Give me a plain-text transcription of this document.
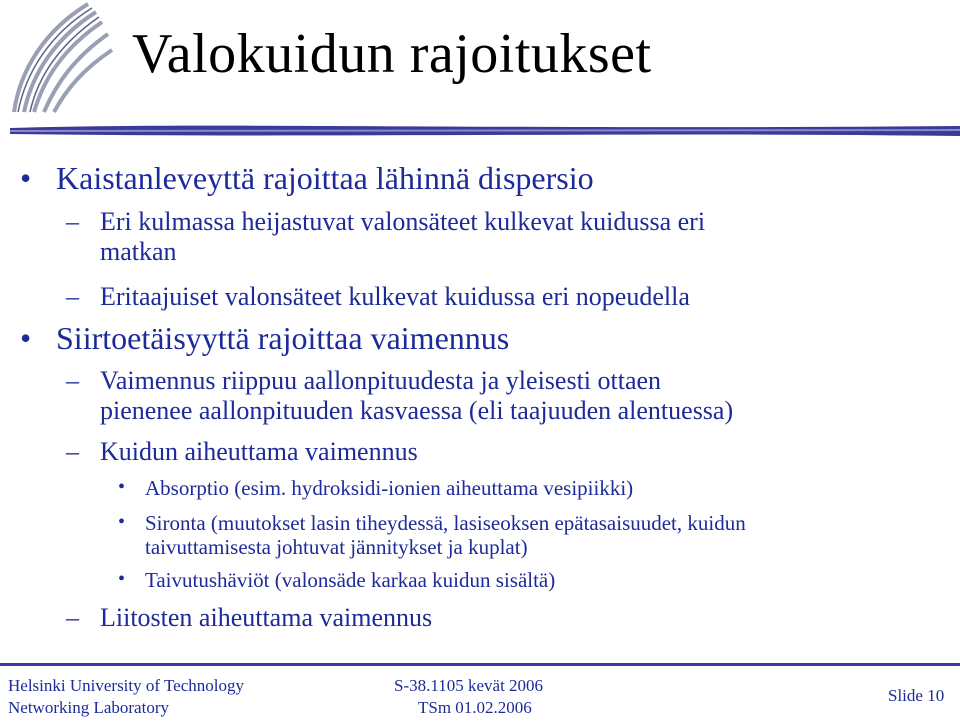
Valokuidun rajoitukset
• Kaistanleveyttä rajoittaa lähinnä dispersio
– Eri kulmassa heijastuvat valonsäteet kulkevat kuidussa eri
matkan
– Eritaajuiset valonsäteet kulkevat kuidussa eri nopeudella
• Siirtoetäisyyttä rajoittaa vaimennus
– Vaimennus riippuu aallonpituudesta ja yleisesti ottaen
pienenee aallonpituuden kasvaessa (eli taajuuden alentuessa)
– Kuidun aiheuttama vaimennus
• Absorptio (esim. hydroksidi-ionien aiheuttama vesipiikki)
• Sironta (muutokset lasin tiheydessä, lasiseoksen epätasaisuudet, kuidun
taivuttamisesta johtuvat jännitykset ja kuplat)
• Taivutushäviöt (valonsäde karkaa kuidun sisältä)
– Liitosten aiheuttama vaimennus
Helsinki University of Technology
Networking Laboratory
S-38.1105 kevät 2006
TSm 01.02.2006
Slide 10
